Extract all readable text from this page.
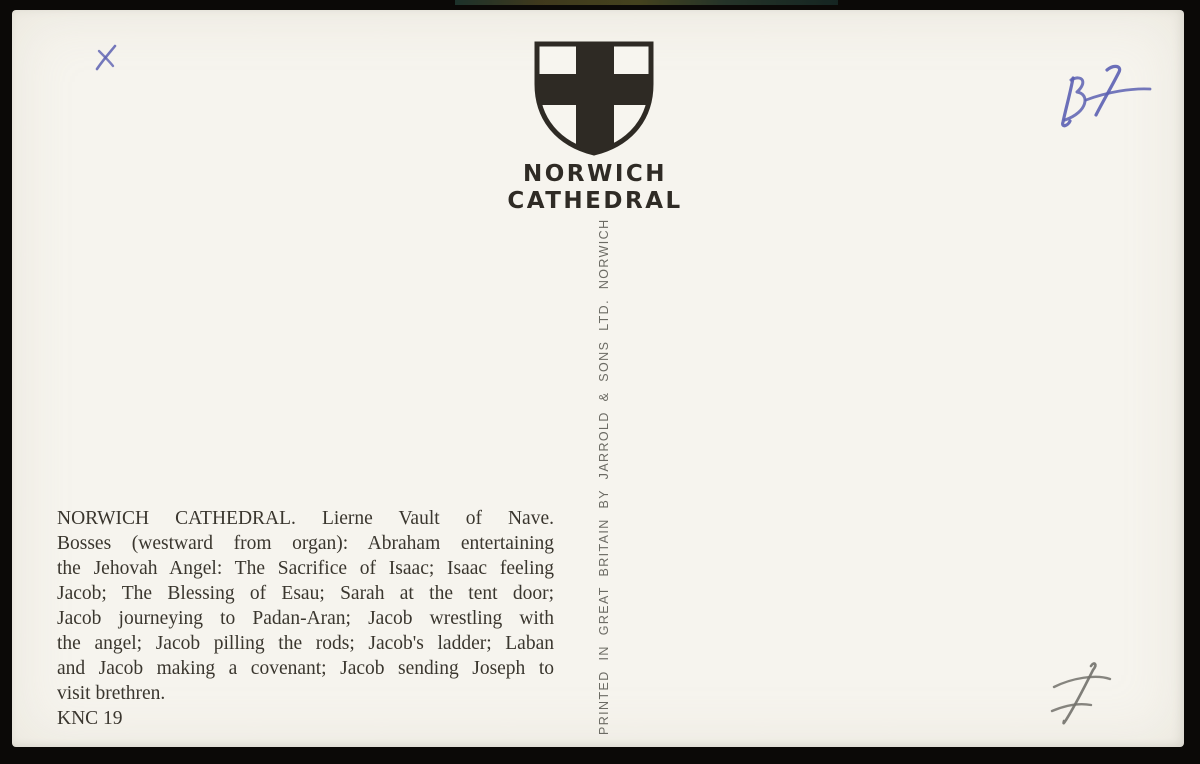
NORWICH
CATHEDRAL
PRINTED IN GREAT BRITAIN BY JARROLD & SONS LTD. NORWICH
NORWICH CATHEDRAL. Lierne Vault of Nave.
Bosses (westward from organ): Abraham entertaining
the Jehovah Angel: The Sacrifice of Isaac; Isaac feeling
Jacob; The Blessing of Esau; Sarah at the tent door;
Jacob journeying to Padan-Aran; Jacob wrestling with
the angel; Jacob pilling the rods; Jacob's ladder; Laban
and Jacob making a covenant; Jacob sending Joseph to
visit brethren.
KNC 19
